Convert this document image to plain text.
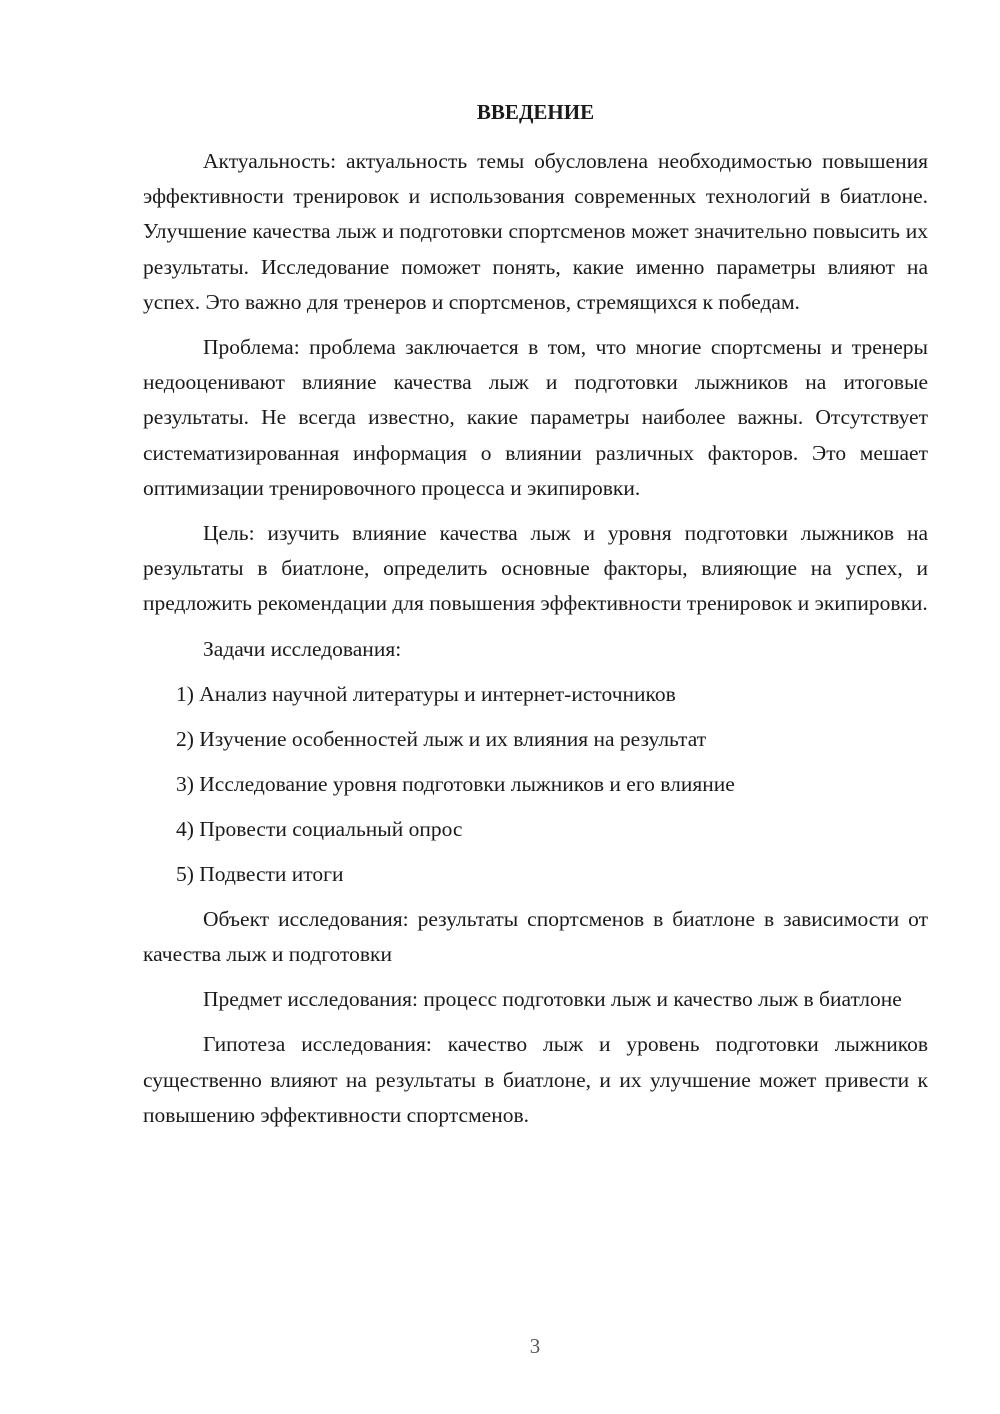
ВВЕДЕНИЕ

Актуальность: актуальность темы обусловлена необходимостью повышения эффективности тренировок и использования современных технологий в биатлоне. Улучшение качества лыж и подготовки спортсменов может значительно повысить их результаты. Исследование поможет понять, какие именно параметры влияют на успех. Это важно для тренеров и спортсменов, стремящихся к победам.

Проблема: проблема заключается в том, что многие спортсмены и тренеры недооценивают влияние качества лыж и подготовки лыжников на итоговые результаты. Не всегда известно, какие параметры наиболее важны. Отсутствует систематизированная информация о влиянии различных факторов. Это мешает оптимизации тренировочного процесса и экипировки.

Цель: изучить влияние качества лыж и уровня подготовки лыжников на результаты в биатлоне, определить основные факторы, влияющие на успех, и предложить рекомендации для повышения эффективности тренировок и экипировки.

Задачи исследования:

1) Анализ научной литературы и интернет-источников
2) Изучение особенностей лыж и их влияния на результат
3) Исследование уровня подготовки лыжников и его влияние
4) Провести социальный опрос
5) Подвести итоги

Объект исследования: результаты спортсменов в биатлоне в зависимости от качества лыж и подготовки

Предмет исследования: процесс подготовки лыж и качество лыж в биатлоне

Гипотеза исследования: качество лыж и уровень подготовки лыжников существенно влияют на результаты в биатлоне, и их улучшение может привести к повышению эффективности спортсменов.

3
